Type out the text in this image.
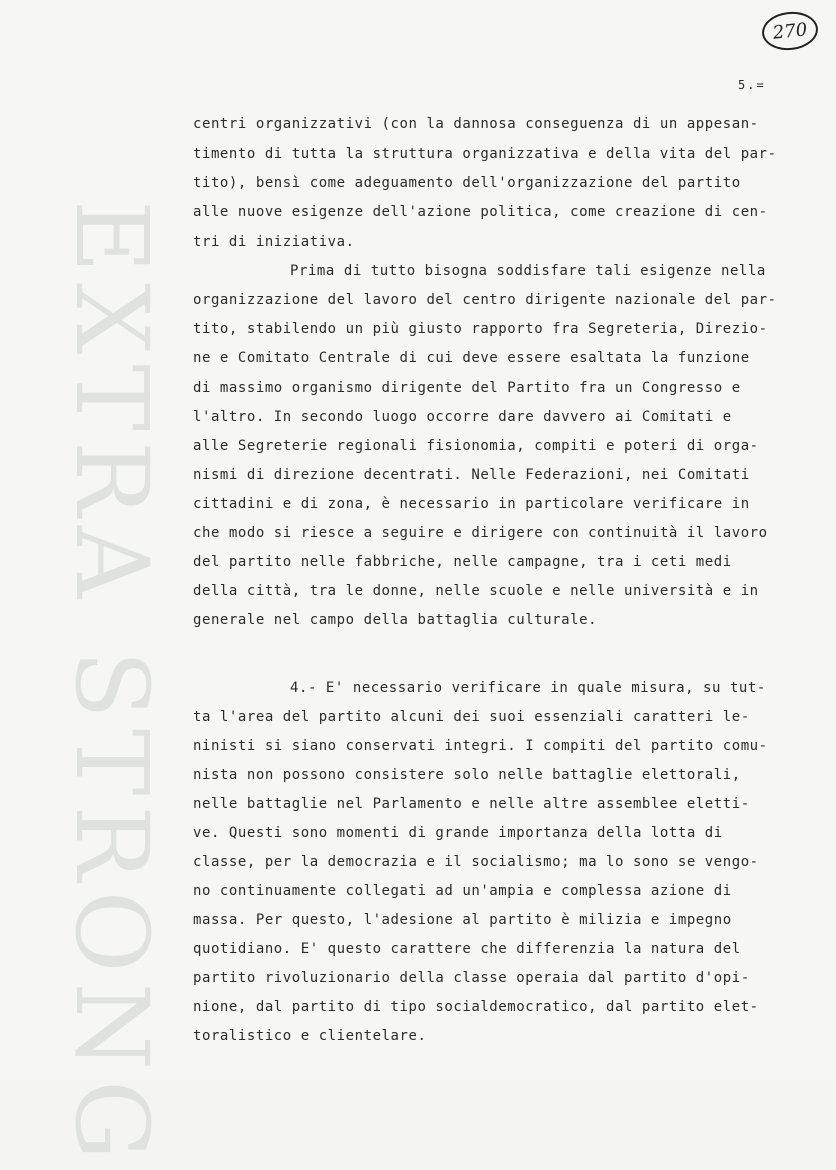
EXTRA STRONG
270
5.=
centri organizzativi (con la dannosa conseguenza di un appesan-
timento di tutta la struttura organizzativa e della vita del par-
tito), bensì come adeguamento dell'organizzazione del partito
alle nuove esigenze dell'azione politica, come creazione di cen-
tri di iniziativa.
Prima di tutto bisogna soddisfare tali esigenze nella
organizzazione del lavoro del centro dirigente nazionale del par-
tito, stabilendo un più giusto rapporto fra Segreteria, Direzio-
ne e Comitato Centrale di cui deve essere esaltata la funzione
di massimo organismo dirigente del Partito fra un Congresso e
l'altro. In secondo luogo occorre dare davvero ai Comitati e
alle Segreterie regionali fisionomia, compiti e poteri di orga-
nismi di direzione decentrati. Nelle Federazioni, nei Comitati
cittadini e di zona, è necessario in particolare verificare in
che modo si riesce a seguire e dirigere con continuità il lavoro
del partito nelle fabbriche, nelle campagne, tra i ceti medi
della città, tra le donne, nelle scuole e nelle università e in
generale nel campo della battaglia culturale.
4.- E' necessario verificare in quale misura, su tut-
ta l'area del partito alcuni dei suoi essenziali caratteri le-
ninisti si siano conservati integri. I compiti del partito comu-
nista non possono consistere solo nelle battaglie elettorali,
nelle battaglie nel Parlamento e nelle altre assemblee eletti-
ve. Questi sono momenti di grande importanza della lotta di
classe, per la democrazia e il socialismo; ma lo sono se vengo-
no continuamente collegati ad un'ampia e complessa azione di
massa. Per questo, l'adesione al partito è milizia e impegno
quotidiano. E' questo carattere che differenzia la natura del
partito rivoluzionario della classe operaia dal partito d'opi-
nione, dal partito di tipo socialdemocratico, dal partito elet-
toralistico e clientelare.
